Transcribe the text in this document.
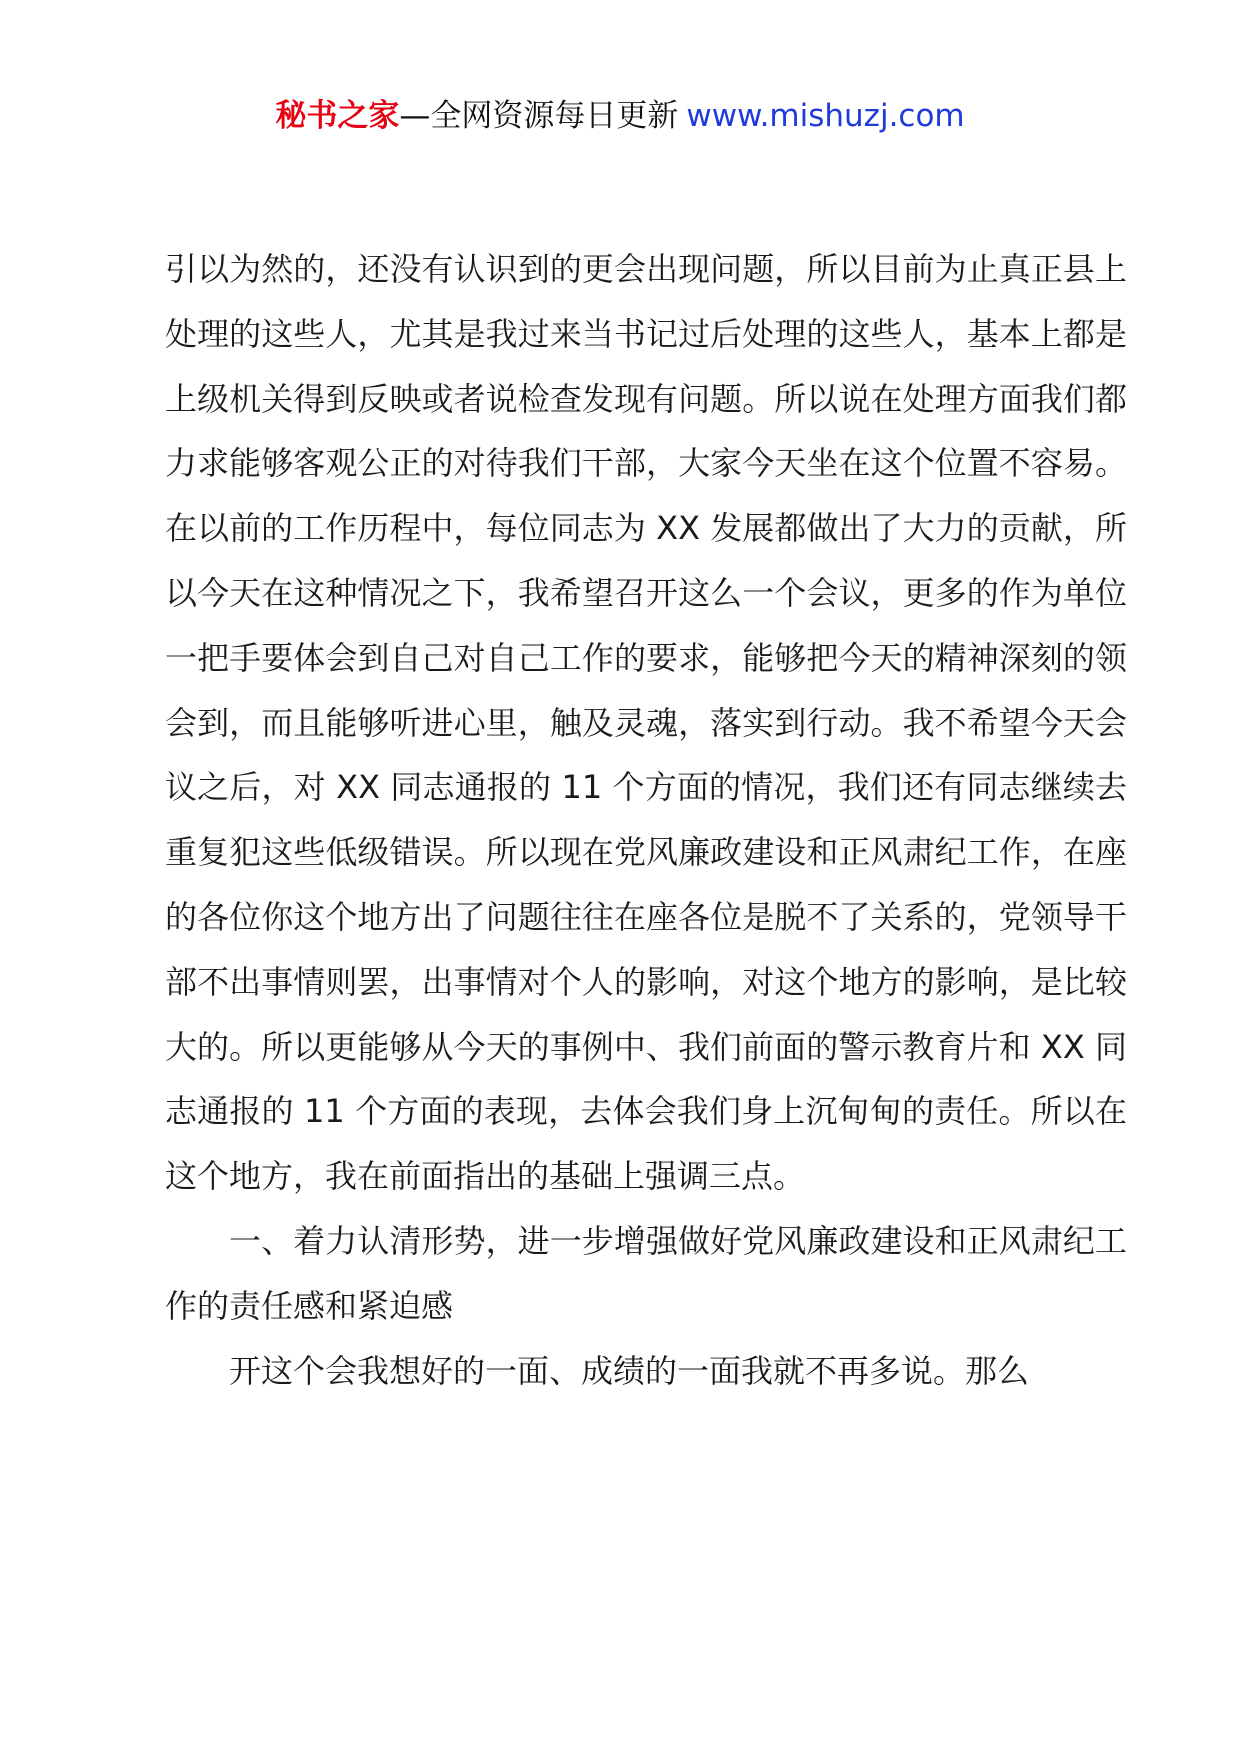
秘书之家—全网资源每日更新 www.mishuzj.com

引以为然的，还没有认识到的更会出现问题，所以目前为止真正县上处理的这些人，尤其是我过来当书记过后处理的这些人，基本上都是上级机关得到反映或者说检查发现有问题。所以说在处理方面我们都力求能够客观公正的对待我们干部，大家今天坐在这个位置不容易。在以前的工作历程中，每位同志为 XX 发展都做出了大力的贡献，所以今天在这种情况之下，我希望召开这么一个会议，更多的作为单位一把手要体会到自己对自己工作的要求，能够把今天的精神深刻的领会到，而且能够听进心里，触及灵魂，落实到行动。我不希望今天会议之后，对 XX 同志通报的 11 个方面的情况，我们还有同志继续去重复犯这些低级错误。所以现在党风廉政建设和正风肃纪工作，在座的各位你这个地方出了问题往往在座各位是脱不了关系的，党领导干部不出事情则罢，出事情对个人的影响，对这个地方的影响，是比较大的。所以更能够从今天的事例中、我们前面的警示教育片和 XX 同志通报的 11 个方面的表现，去体会我们身上沉甸甸的责任。所以在这个地方，我在前面指出的基础上强调三点。

一、着力认清形势，进一步增强做好党风廉政建设和正风肃纪工作的责任感和紧迫感

开这个会我想好的一面、成绩的一面我就不再多说。那么
